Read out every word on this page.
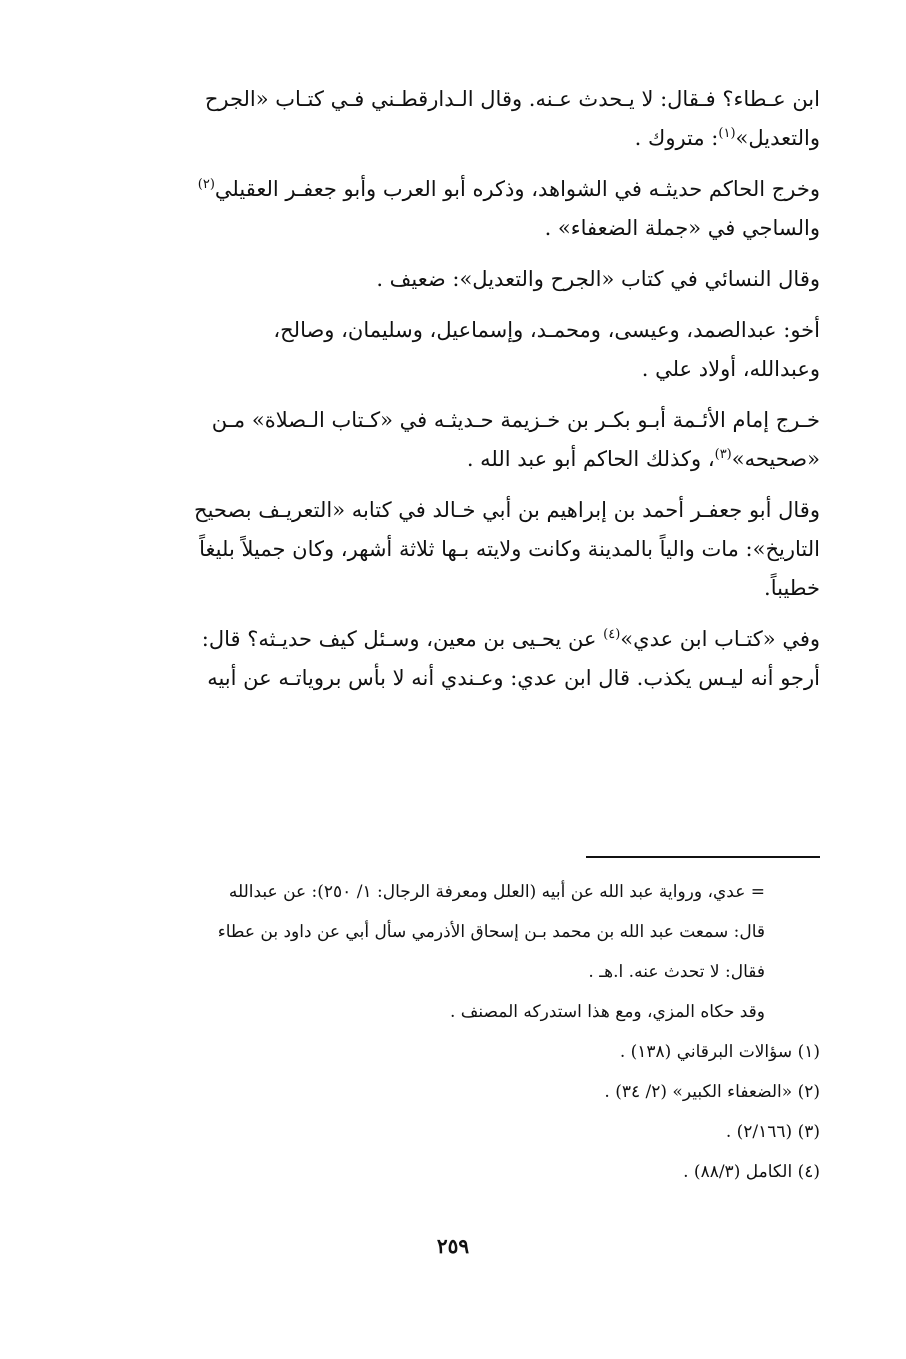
ابن عـطاء؟ فـقال: لا يـحدث عـنه. وقال الـدارقطـني فـي كتـاب «الجرح
والتعديل»$^{(١)}$: متروك .

وخرج الحاكم حديثـه في الشواهد، وذكره أبو العرب وأبو جعفـر العقيلي$^{(٢)}$
والساجي في «جملة الضعفاء» .

وقال النسائي في كتاب «الجرح والتعديل»: ضعيف .

أخو: عبدالصمد، وعيسى، ومحمـد، وإسماعيل، وسليمان، وصالح،
وعبدالله، أولاد علي .

خـرج إمام الأئـمة أبـو بكـر بن خـزيمة حـديثـه في «كـتاب الـصلاة» مـن
«صحيحه»$^{(٣)}$، وكذلك الحاكم أبو عبد الله .

وقال أبو جعفـر أحمد بن إبراهيم بن أبي خـالد في كتابه «التعريـف بصحيح
التاريخ»: مات والياً بالمدينة وكانت ولايته بـها ثلاثة أشهر، وكان جميلاً بليغاً
خطيباً.

وفي «كتـاب ابن عدي»$^{(٤)}$ عن يحـيى بن معين، وسـئل كيف حديـثه؟ قال:
أرجو أنه ليـس يكذب. قال ابن عدي: وعـندي أنه لا بأس بروياتـه عن أبيه

= عدي، ورواية عبد الله عن أبيه (العلل ومعرفة الرجال: ١/ ٢٥٠): عن عبدالله
قال: سمعت عبد الله بن محمد بـن إسحاق الأذرمي سأل أبي عن داود بن عطاء
فقال: لا تحدث عنه. ا.هـ .
وقد حكاه المزي، ومع هذا استدركه المصنف .
(١) سؤالات البرقاني (١٣٨) .
(٢) «الضعفاء الكبير» (٢/ ٣٤) .
(٣) (٢/١٦٦) .
(٤) الكامل (٨٨/٣) .
٢٥٩
